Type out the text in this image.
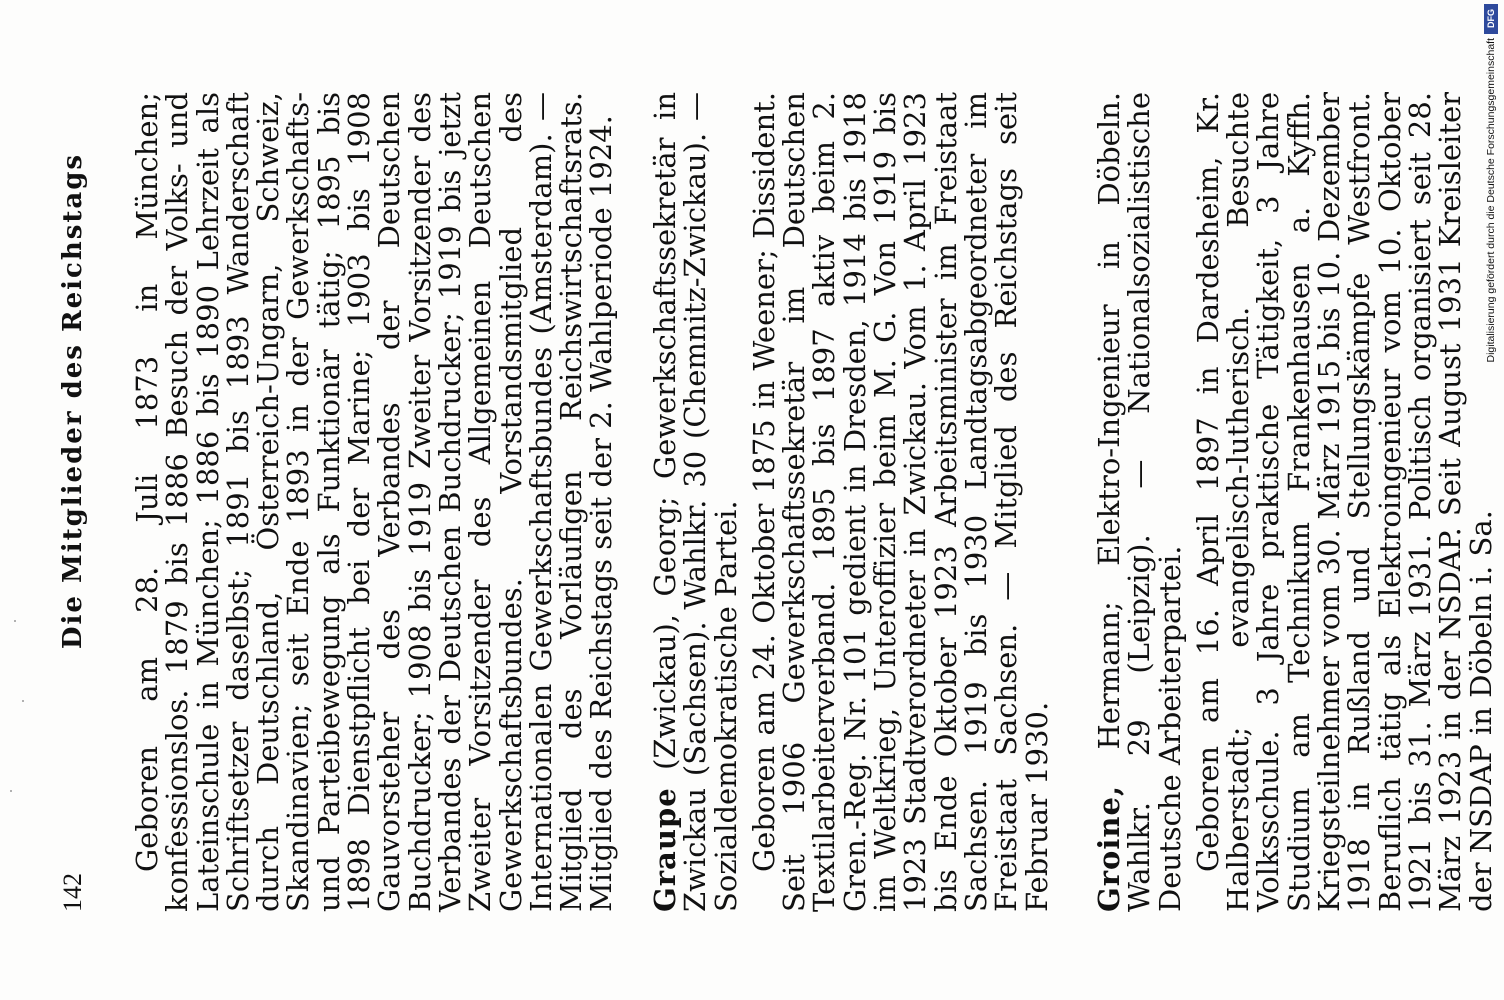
142
Die Mitglieder des Reichstags Geboren am 28. Juli 1873 in München; konfessionslos. 1879 bis 1886 Besuch der Volks- und Lateinschule in München; 1886 bis 1890 Lehrzeit als Schriftsetzer daselbst; 1891 bis 1893 Wanderschaft durch Deutschland, Österreich-Ungarn, Schweiz, Skandinavien; seit Ende 1893 in der Gewerkschafts- und Parteibewegung als Funktionär tätig; 1895 bis 1898 Dienstpflicht bei der Marine; 1903 bis 1908 Gauvorsteher des Verbandes der Deutschen Buchdrucker; 1908 bis 1919 Zweiter Vorsitzender des Verbandes der Deutschen Buchdrucker; 1919 bis jetzt Zweiter Vorsitzender des Allgemeinen Deutschen Gewerkschaftsbundes. Vorstandsmitglied des Internationalen Gewerkschaftsbundes (Amsterdam). — Mitglied des Vorläufigen Reichswirtschaftsrats. Mitglied des Reichstags seit der 2. Wahlperiode 1924. Graupe (Zwickau), Georg; Gewerkschaftssekretär in Zwickau (Sachsen). Wahlkr. 30 (Chemnitz-Zwickau). — Sozialdemokratische Partei. Geboren am 24. Oktober 1875 in Weener; Dissident. Seit 1906 Gewerkschaftssekretär im Deutschen Textilarbeiterverband. 1895 bis 1897 aktiv beim 2. Gren.-Reg. Nr. 101 gedient in Dresden, 1914 bis 1918 im Weltkrieg, Unteroffizier beim M. G. Von 1919 bis 1923 Stadtverordneter in Zwickau. Vom 1. April 1923 bis Ende Oktober 1923 Arbeitsminister im Freistaat Sachsen. 1919 bis 1930 Landtagsabgeordneter im Freistaat Sachsen. — Mitglied des Reichstags seit Februar 1930. Groine, Hermann; Elektro-Ingenieur in Döbeln. Wahlkr. 29 (Leipzig). — Nationalsozialistische Deutsche Arbeiterpartei. Geboren am 16. April 1897 in Dardesheim, Kr. Halberstadt; evangelisch-lutherisch. Besuchte Volksschule. 3 Jahre praktische Tätigkeit, 3 Jahre Studium am Technikum Frankenhausen a. Kyffh. Kriegsteilnehmer vom 30. März 1915 bis 10. Dezember 1918 in Rußland und Stellungskämpfe Westfront. Beruflich tätig als Elektroingenieur vom 10. Oktober 1921 bis 31. März 1931. Politisch organisiert seit 28. März 1923 in der NSDAP. Seit August 1931 Kreisleiter der NSDAP in Döbeln i. Sa.

DFG
Digitalisierung gefördert durch die Deutsche Forschungsgemeinschaft
